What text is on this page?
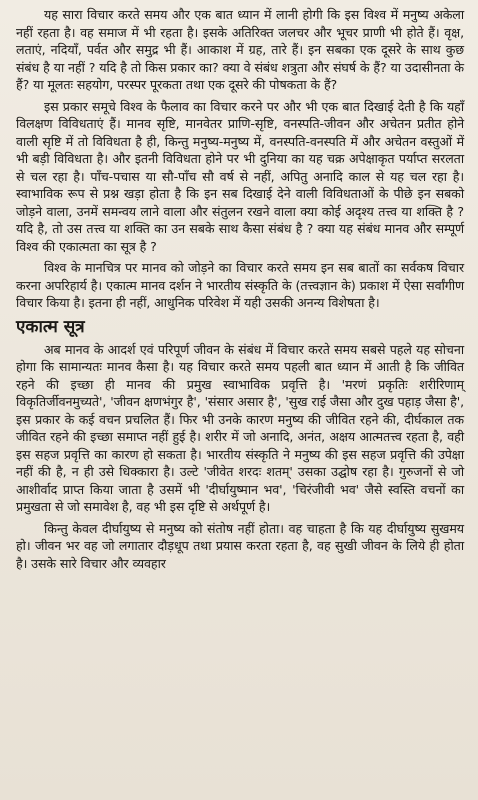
यह सारा विचार करते समय और एक बात ध्यान में लानी होगी कि इस विश्व में मनुष्य अकेला नहीं रहता है। वह समाज में भी रहता है। इसके अतिरिक्त जलचर और भूचर प्राणी भी होते हैं। वृक्ष, लताएं, नदियाँ, पर्वत और समुद्र भी हैं। आकाश में ग्रह, तारे हैं। इन सबका एक दूसरे के साथ कुछ संबंध है या नहीं ? यदि है तो किस प्रकार का? क्या वे संबंध शत्रुता और संघर्ष के हैं? या उदासीनता के हैं? या मूलतः सहयोग, परस्पर पूरकता तथा एक दूसरे की पोषकता के हैं?

इस प्रकार समूचे विश्व के फैलाव का विचार करने पर और भी एक बात दिखाई देती है कि यहाँ विलक्षण विविधताएं हैं। मानव सृष्टि, मानवेतर प्राणि-सृष्टि, वनस्पति-जीवन और अचेतन प्रतीत होने वाली सृष्टि में तो विविधता है ही, किन्तु मनुष्य-मनुष्य में, वनस्पति-वनस्पति में और अचेतन वस्तुओं में भी बड़ी विविधता है। और इतनी विविधता होने पर भी दुनिया का यह चक्र अपेक्षाकृत पर्याप्त सरलता से चल रहा है। पाँच-पचास या सौ-पाँच सौ वर्ष से नहीं, अपितु अनादि काल से यह चल रहा है। स्वाभाविक रूप से प्रश्न खड़ा होता है कि इन सब दिखाई देने वाली विविधताओं के पीछे इन सबको जोड़ने वाला, उनमें समन्वय लाने वाला और संतुलन रखने वाला क्या कोई अदृश्य तत्त्व या शक्ति है ? यदि है, तो उस तत्त्व या शक्ति का उन सबके साथ कैसा संबंध है ? क्या यह संबंध मानव और सम्पूर्ण विश्व की एकात्मता का सूत्र है ?

विश्व के मानचित्र पर मानव को जोड़ने का विचार करते समय इन सब बातों का सर्वकष विचार करना अपरिहार्य है। एकात्म मानव दर्शन ने भारतीय संस्कृति के (तत्त्वज्ञान के) प्रकाश में ऐसा सर्वांगीण विचार किया है। इतना ही नहीं, आधुनिक परिवेश में यही उसकी अनन्य विशेषता है।

एकात्म सूत्र

अब मानव के आदर्श एवं परिपूर्ण जीवन के संबंध में विचार करते समय सबसे पहले यह सोचना होगा कि सामान्यतः मानव कैसा है। यह विचार करते समय पहली बात ध्यान में आती है कि जीवित रहने की इच्छा ही मानव की प्रमुख स्वाभाविक प्रवृत्ति है। 'मरणं प्रकृतिः शरीरिणाम् विकृतिर्जीवनमुच्यते', 'जीवन क्षणभंगुर है', 'संसार असार है', 'सुख राई जैसा और दुख पहाड़ जैसा है', इस प्रकार के कई वचन प्रचलित हैं। फिर भी उनके कारण मनुष्य की जीवित रहने की, दीर्घकाल तक जीवित रहने की इच्छा समाप्त नहीं हुई है। शरीर में जो अनादि, अनंत, अक्षय आत्मतत्त्व रहता है, वही इस सहज प्रवृत्ति का कारण हो सकता है। भारतीय संस्कृति ने मनुष्य की इस सहज प्रवृत्ति की उपेक्षा नहीं की है, न ही उसे धिक्कारा है। उल्टे 'जीवेत शरदः शतम्' उसका उद्घोष रहा है। गुरुजनों से जो आशीर्वाद प्राप्त किया जाता है उसमें भी 'दीर्घायुष्मान भव', 'चिरंजीवी भव' जैसे स्वस्ति वचनों का प्रमुखता से जो समावेश है, वह भी इस दृष्टि से अर्थपूर्ण है।

किन्तु केवल दीर्घायुष्य से मनुष्य को संतोष नहीं होता। वह चाहता है कि यह दीर्घायुष्य सुखमय हो। जीवन भर वह जो लगातार दौड़धूप तथा प्रयास करता रहता है, वह सुखी जीवन के लिये ही होता है। उसके सारे विचार और व्यवहार
